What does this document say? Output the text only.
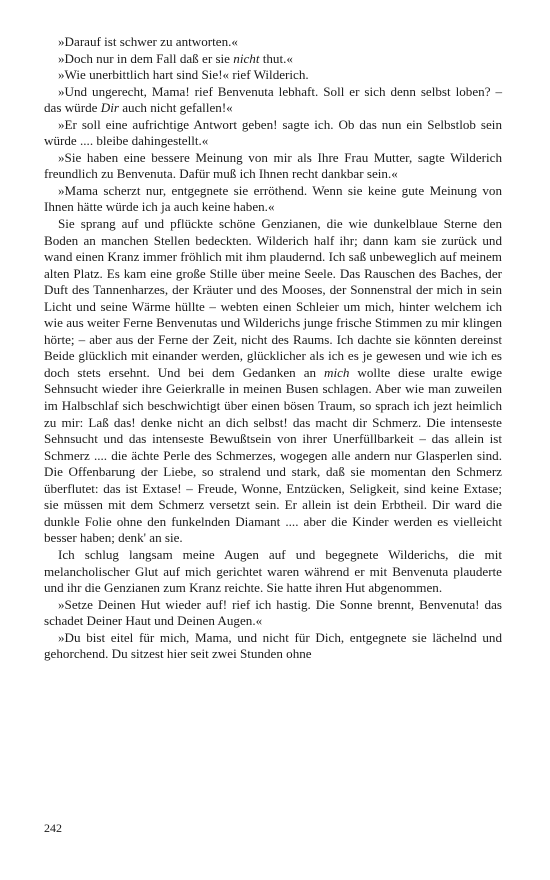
»Darauf ist schwer zu antworten.«

»Doch nur in dem Fall daß er sie nicht thut.«

»Wie unerbittlich hart sind Sie!« rief Wilderich.

»Und ungerecht, Mama! rief Benvenuta lebhaft. Soll er sich denn selbst loben? – das würde Dir auch nicht gefallen!«

»Er soll eine aufrichtige Antwort geben! sagte ich. Ob das nun ein Selbstlob sein würde .... bleibe dahingestellt.«

»Sie haben eine bessere Meinung von mir als Ihre Frau Mutter, sagte Wilderich freundlich zu Benvenuta. Dafür muß ich Ihnen recht dankbar sein.«

»Mama scherzt nur, entgegnete sie erröthend. Wenn sie keine gute Meinung von Ihnen hätte würde ich ja auch keine haben.«

Sie sprang auf und pflückte schöne Genzianen, die wie dunkelblaue Sterne den Boden an manchen Stellen bedeckten. Wilderich half ihr; dann kam sie zurück und wand einen Kranz immer fröhlich mit ihm plaudernd. Ich saß unbeweglich auf meinem alten Platz. Es kam eine große Stille über meine Seele. Das Rauschen des Baches, der Duft des Tannenharzes, der Kräuter und des Mooses, der Sonnenstral der mich in sein Licht und seine Wärme hüllte – webten einen Schleier um mich, hinter welchem ich wie aus weiter Ferne Benvenutas und Wilderichs junge frische Stimmen zu mir klingen hörte; – aber aus der Ferne der Zeit, nicht des Raums. Ich dachte sie könnten dereinst Beide glücklich mit einander werden, glücklicher als ich es je gewesen und wie ich es doch stets ersehnt. Und bei dem Gedanken an mich wollte diese uralte ewige Sehnsucht wieder ihre Geierkralle in meinen Busen schlagen. Aber wie man zuweilen im Halbschlaf sich beschwichtigt über einen bösen Traum, so sprach ich jezt heimlich zu mir: Laß das! denke nicht an dich selbst! das macht dir Schmerz. Die intenseste Sehnsucht und das intenseste Bewußtsein von ihrer Unerfüllbarkeit – das allein ist Schmerz .... die ächte Perle des Schmerzes, wogegen alle andern nur Glasperlen sind. Die Offenbarung der Liebe, so stralend und stark, daß sie momentan den Schmerz überflutet: das ist Extase! – Freude, Wonne, Entzücken, Seligkeit, sind keine Extase; sie müssen mit dem Schmerz versetzt sein. Er allein ist dein Erbtheil. Dir ward die dunkle Folie ohne den funkelnden Diamant .... aber die Kinder werden es vielleicht besser haben; denk' an sie.

Ich schlug langsam meine Augen auf und begegnete Wilderichs, die mit melancholischer Glut auf mich gerichtet waren während er mit Benvenuta plauderte und ihr die Genzianen zum Kranz reichte. Sie hatte ihren Hut abgenommen.

»Setze Deinen Hut wieder auf! rief ich hastig. Die Sonne brennt, Benvenuta! das schadet Deiner Haut und Deinen Augen.«

»Du bist eitel für mich, Mama, und nicht für Dich, entgegnete sie lächelnd und gehorchend. Du sitzest hier seit zwei Stunden ohne

242
